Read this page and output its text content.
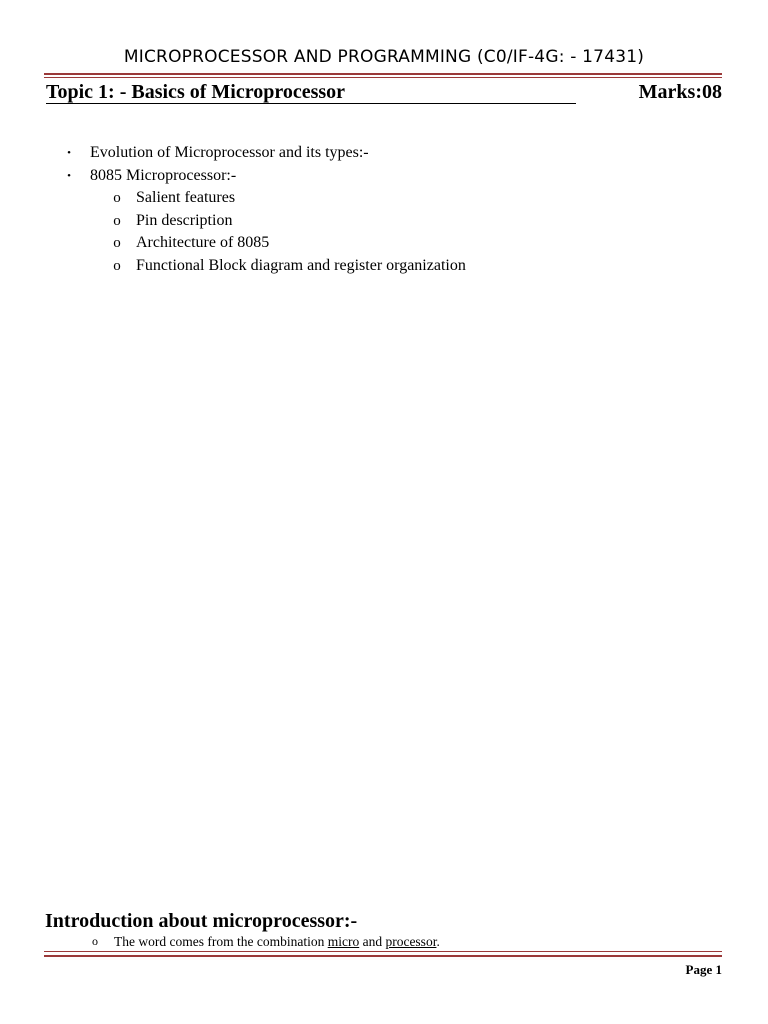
MICROPROCESSOR AND PROGRAMMING (C0/IF-4G: - 17431)
Topic 1: - Basics of Microprocessor	Marks:08
•	Evolution of Microprocessor and its types:-
•	8085 Microprocessor:-
o Salient features
o Pin description
o Architecture of 8085
o Functional Block diagram and register organization
Introduction about microprocessor:-
o The word comes from the combination micro and processor.
Page 1
